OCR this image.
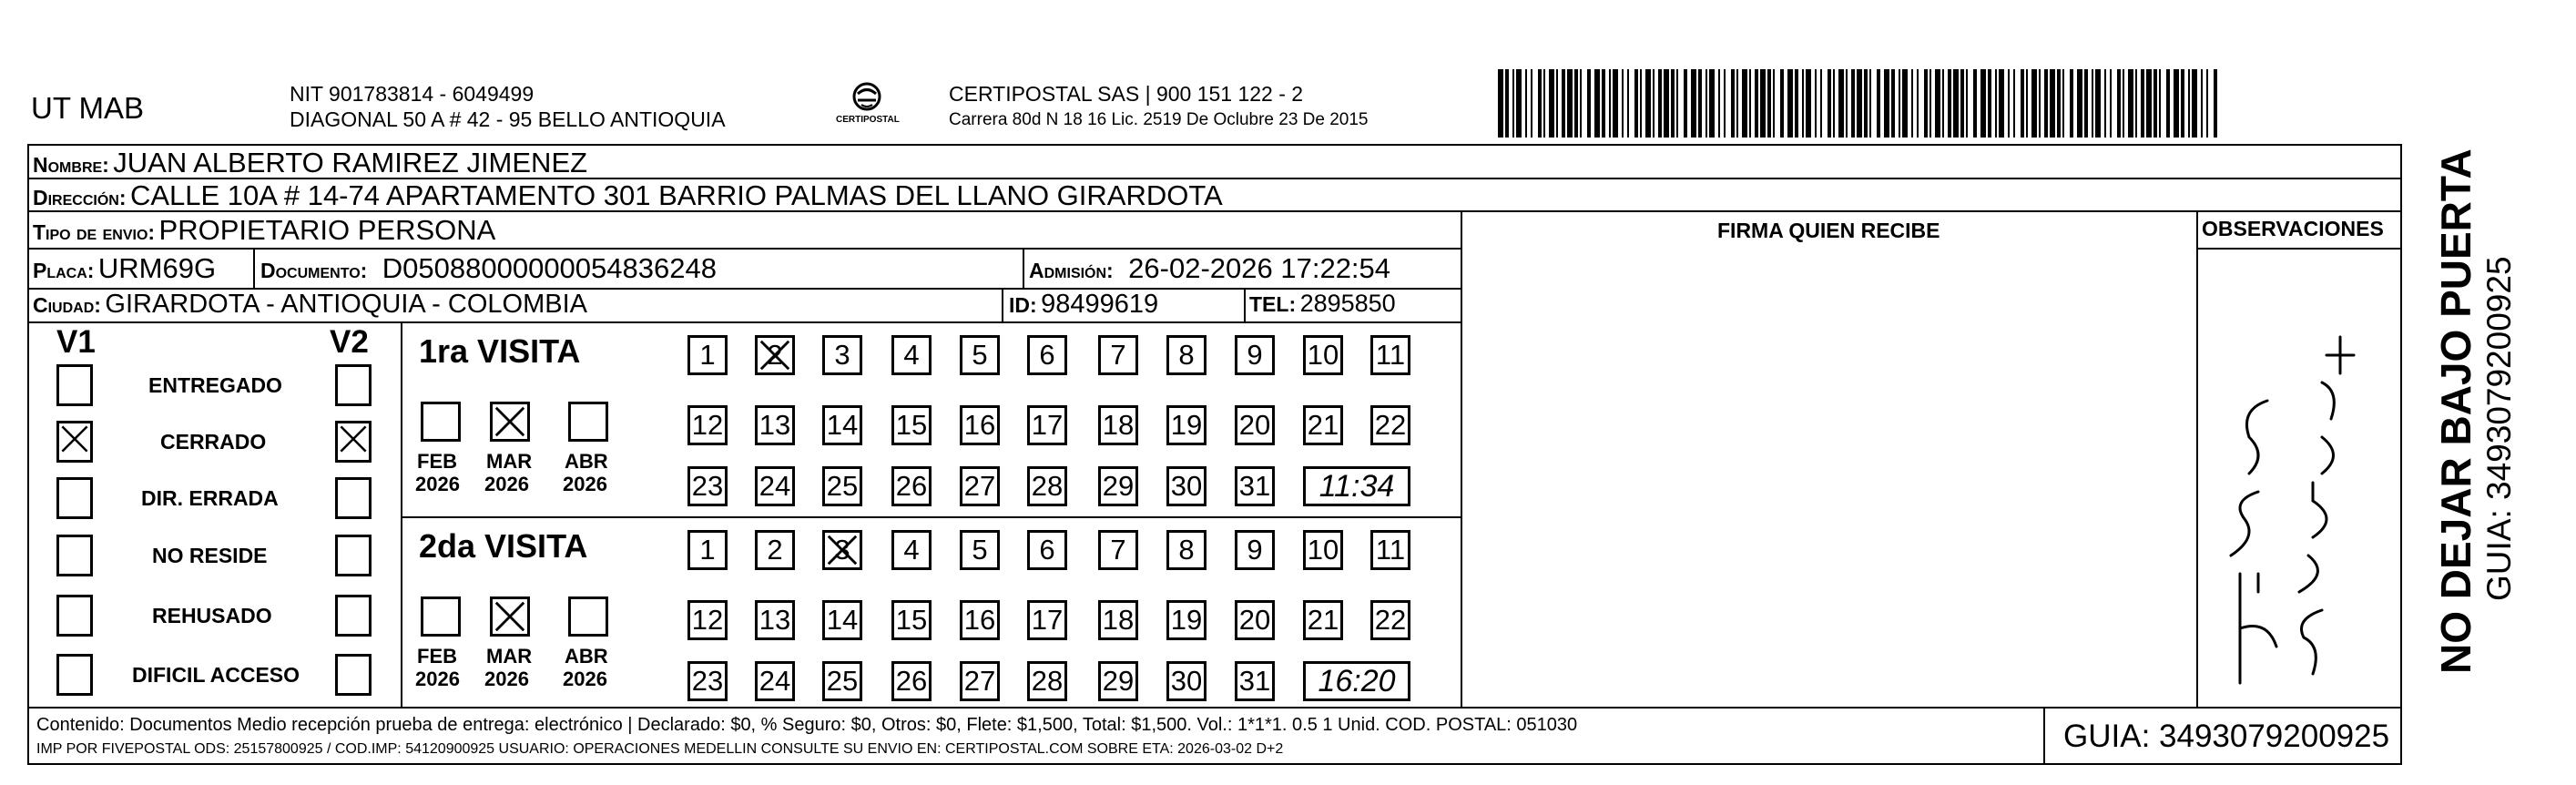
UT MAB	NIT 901783814 - 6049499
DIAGONAL 50 A # 42 - 95 BELLO ANTIOQUIA	CERTIPOSTAL
CERTIPOSTAL SAS | 900 151 122 - 2
Carrera 80d N 18 16 Lic. 2519 De Oclubre 23 De 2015
Nombre: JUAN ALBERTO RAMIREZ JIMENEZ
Dirección: CALLE 10A # 14-74 APARTAMENTO 301 BARRIO PALMAS DEL LLANO GIRARDOTA
Tipo de envio: PROPIETARIO PERSONA	FIRMA QUIEN RECIBE	OBSERVACIONES
Placa: URM69G Documento: D05088000000054836248	Admisión: 26-02-2026 17:22:54
Ciudad: GIRARDOTA - ANTIOQUIA - COLOMBIA	ID: 98499619	TEL: 2895850
V1	V2
ENTREGADO
CERRADO
DIR. ERRADA
NO RESIDE
REHUSADO
DIFICIL ACCESO
1ra VISITA
FEB
2026
MAR
2026
ABR
2026
1	2	3	4	5	6	7	8	9	10 11
12 13 14 15 16 17 18 19 20 21 22
23 24 25 26 27 28 29 30 31	11:34
2da VISITA
FEB
2026
MAR
2026
ABR
2026
1	2	3	4	5	6	7	8	9	10 11
12 13 14 15 16 17 18 19 20 21 22
23 24 25 26 27 28 29 30 31	16:20
NO DEJAR BAJO PUERTA GUIA: 3493079200925
Contenido: Documentos Medio recepción prueba de entrega: electrónico | Declarado: $0, % Seguro: $0, Otros: $0, Flete: $1,500, Total: $1,500. Vol.: 1*1*1. 0.5 1 Unid. COD. POSTAL: 051030
IMP POR FIVEPOSTAL ODS: 25157800925 / COD.IMP: 54120900925 USUARIO: OPERACIONES MEDELLIN CONSULTE SU ENVIO EN: CERTIPOSTAL.COM SOBRE ETA: 2026-03-02 D+2	GUIA: 3493079200925
